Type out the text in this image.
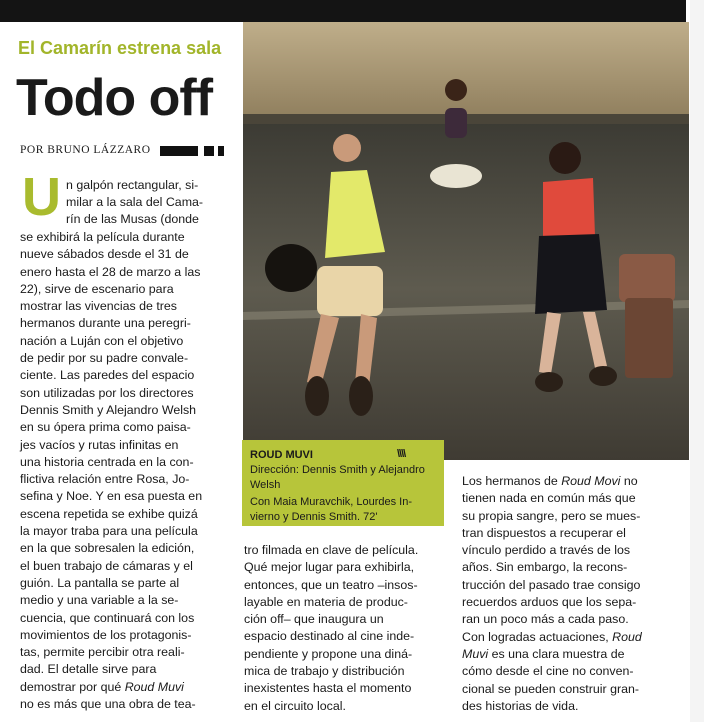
El Camarín estrena sala
Todo off
POR BRUNO LÁZZARO
U n galpón rectangular, si-
milar a la sala del Cama-
rín de las Musas (donde
se exhibirá la película durante
nueve sábados desde el 31 de
enero hasta el 28 de marzo a las
22), sirve de escenario para
mostrar las vivencias de tres
hermanos durante una peregri-
nación a Luján con el objetivo
de pedir por su padre convale-
ciente. Las paredes del espacio
son utilizadas por los directores
Dennis Smith y Alejandro Welsh
en su ópera prima como paisa-
jes vacíos y rutas infinitas en
una historia centrada en la con-
flictiva relación entre Rosa, Jo-
sefina y Noe. Y en esa puesta en
escena repetida se exhibe quizá
la mayor traba para una película
en la que sobresalen la edición,
el buen trabajo de cámaras y el
guión. La pantalla se parte al
medio y una variable a la se-
cuencia, que continuará con los
movimientos de los protagonis-
tas, permite percibir otra reali-
dad. El detalle sirve para
demostrar por qué Roud Muvi
no es más que una obra de tea-
ROUD MUVI	\\\\
Dirección: Dennis Smith y Alejandro
Welsh
Con Maia Muravchik, Lourdes In-
vierno y Dennis Smith. 72'
tro filmada en clave de película.
Qué mejor lugar para exhibirla,
entonces, que un teatro –insos-
layable en materia de produc-
ción off– que inaugura un
espacio destinado al cine inde-
pendiente y propone una diná-
mica de trabajo y distribución
inexistentes hasta el momento
en el circuito local.
Los hermanos de Roud Movi no
tienen nada en común más que
su propia sangre, pero se mues-
tran dispuestos a recuperar el
vínculo perdido a través de los
años. Sin embargo, la recons-
trucción del pasado trae consigo
recuerdos arduos que los sepa-
ran un poco más a cada paso.
Con logradas actuaciones, Roud
Muvi es una clara muestra de
cómo desde el cine no conven-
cional se pueden construir gran-
des historias de vida.
